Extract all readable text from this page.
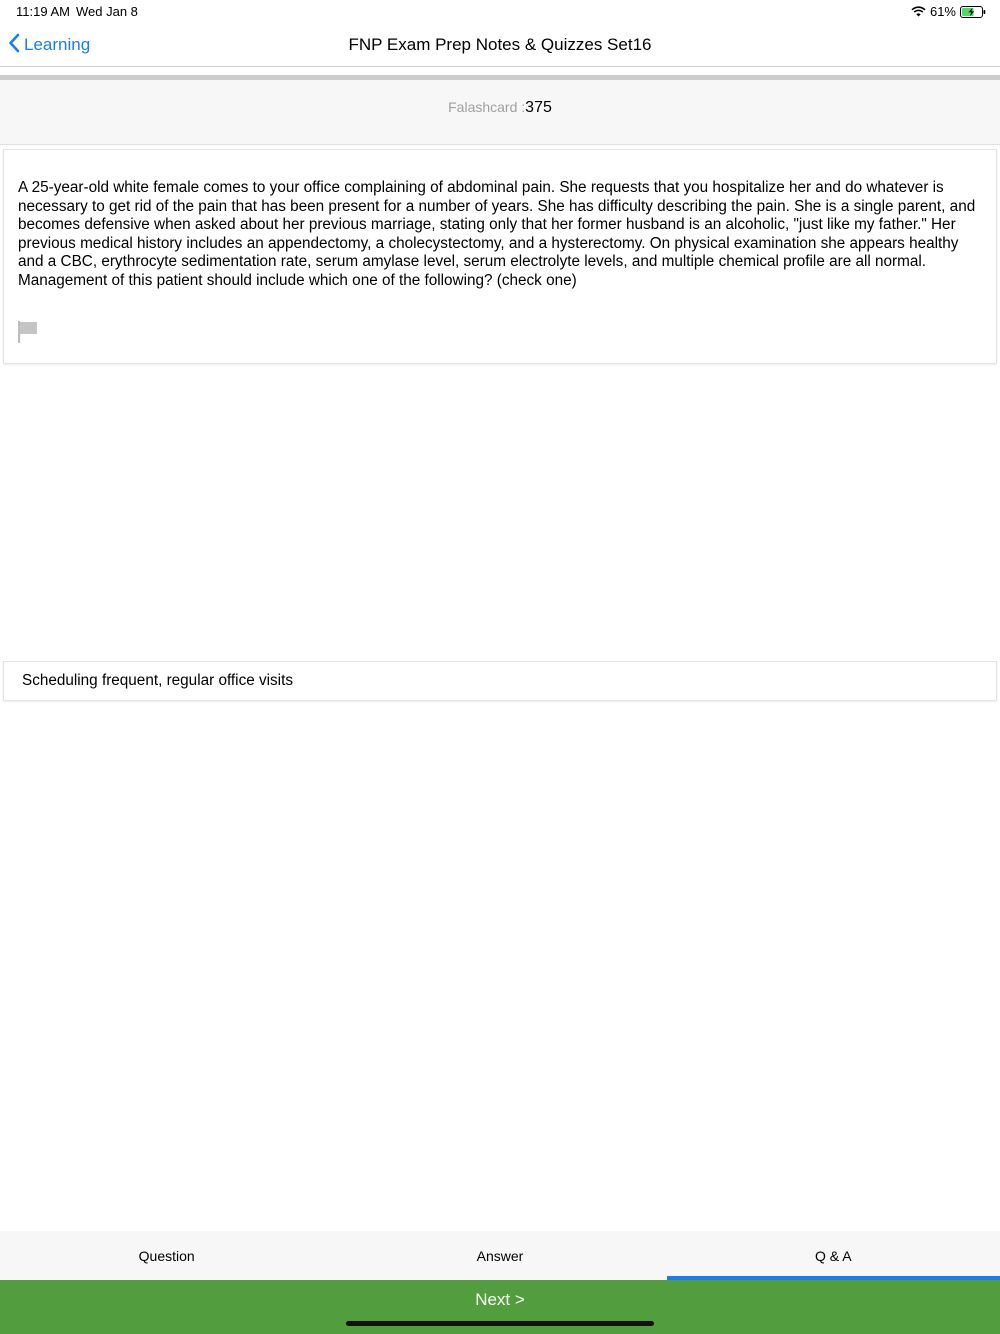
11:19 AM Wed Jan 8	61%
Learning	FNP Exam Prep Notes & Quizzes Set16
Falashcard :375

A 25-year-old white female comes to your office complaining of abdominal pain. She requests that you hospitalize her and do whatever is necessary to get rid of the pain that has been present for a number of years. She has difficulty describing the pain. She is a single parent, and becomes defensive when asked about her previous marriage, stating only that her former husband is an alcoholic, "just like my father." Her previous medical history includes an appendectomy, a cholecystectomy, and a hysterectomy. On physical examination she appears healthy and a CBC, erythrocyte sedimentation rate, serum amylase level, serum electrolyte levels, and multiple chemical profile are all normal. Management of this patient should include which one of the following? (check one)

Scheduling frequent, regular office visits
Question	Answer	Q & A
Next >
